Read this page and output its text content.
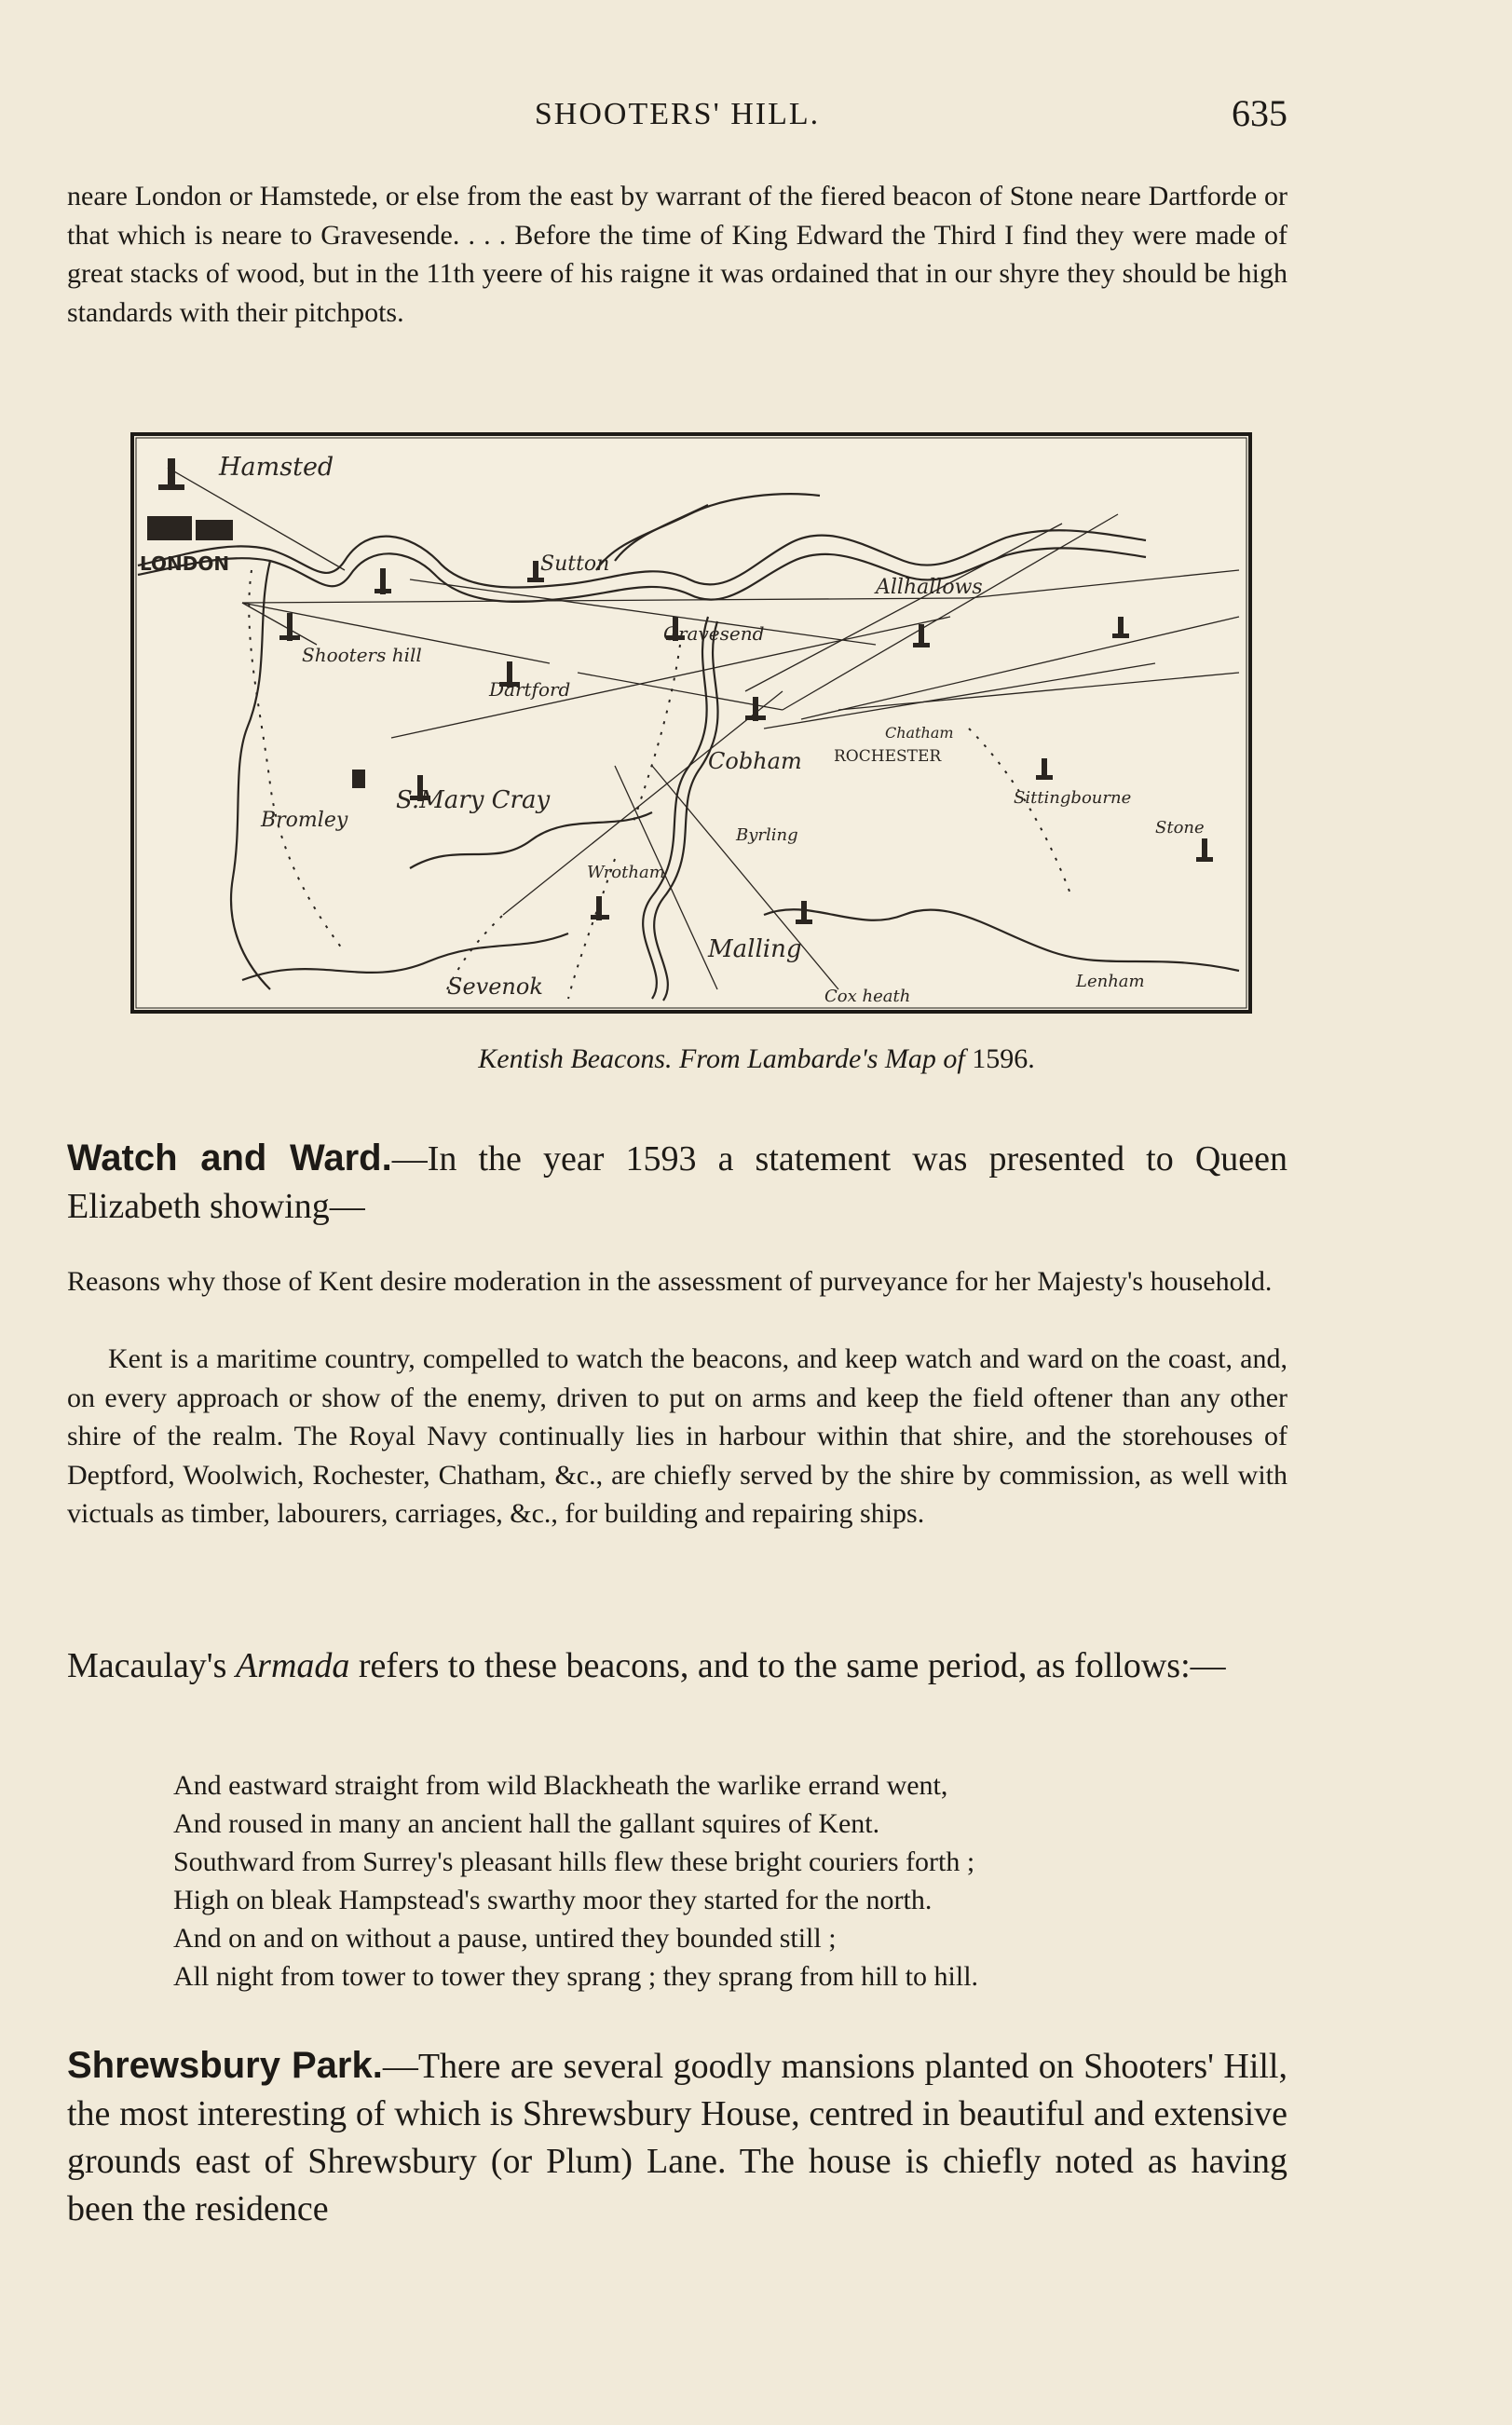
SHOOTERS' HILL.	635
neare London or Hamstede, or else from the east by warrant of the fiered beacon of Stone neare Dartforde or that which is neare to Gravesende. . . . Before the time of King Edward the Third I find they were made of great stacks of wood, but in the 11th yeere of his raigne it was ordained that in our shyre they should be high standards with their pitchpots.
Hamsted
LONDON
Shooters hill
Dartford
Gravesend
Cobham
Sutton
S.Mary Cray
Bromley
ROCHESTER
Allhallows
Sittingbourne
Stone
Wrotham
Byrling
Malling
Sevenok	Cox heath
Lenham
Chatham
Kentish Beacons. From Lambarde's Map of 1596.
Watch and Ward.—In the year 1593 a statement was presented to Queen Elizabeth showing—
Reasons why those of Kent desire moderation in the assessment of purveyance for her Majesty's household.
Kent is a maritime country, compelled to watch the beacons, and keep watch and ward on the coast, and, on every approach or show of the enemy, driven to put on arms and keep the field oftener than any other shire of the realm. The Royal Navy continually lies in harbour within that shire, and the storehouses of Deptford, Woolwich, Rochester, Chatham, &c., are chiefly served by the shire by commission, as well with victuals as timber, labourers, carriages, &c., for building and repairing ships.
Macaulay's Armada refers to these beacons, and to the same period, as follows:—
And eastward straight from wild Blackheath the warlike errand went,
And roused in many an ancient hall the gallant squires of Kent.
Southward from Surrey's pleasant hills flew these bright couriers forth ;
High on bleak Hampstead's swarthy moor they started for the north.
And on and on without a pause, untired they bounded still ;
All night from tower to tower they sprang ; they sprang from hill to hill.
Shrewsbury Park.—There are several goodly mansions planted on Shooters' Hill, the most interesting of which is Shrewsbury House, centred in beautiful and extensive grounds east of Shrewsbury (or Plum) Lane. The house is chiefly noted as having been the residence
